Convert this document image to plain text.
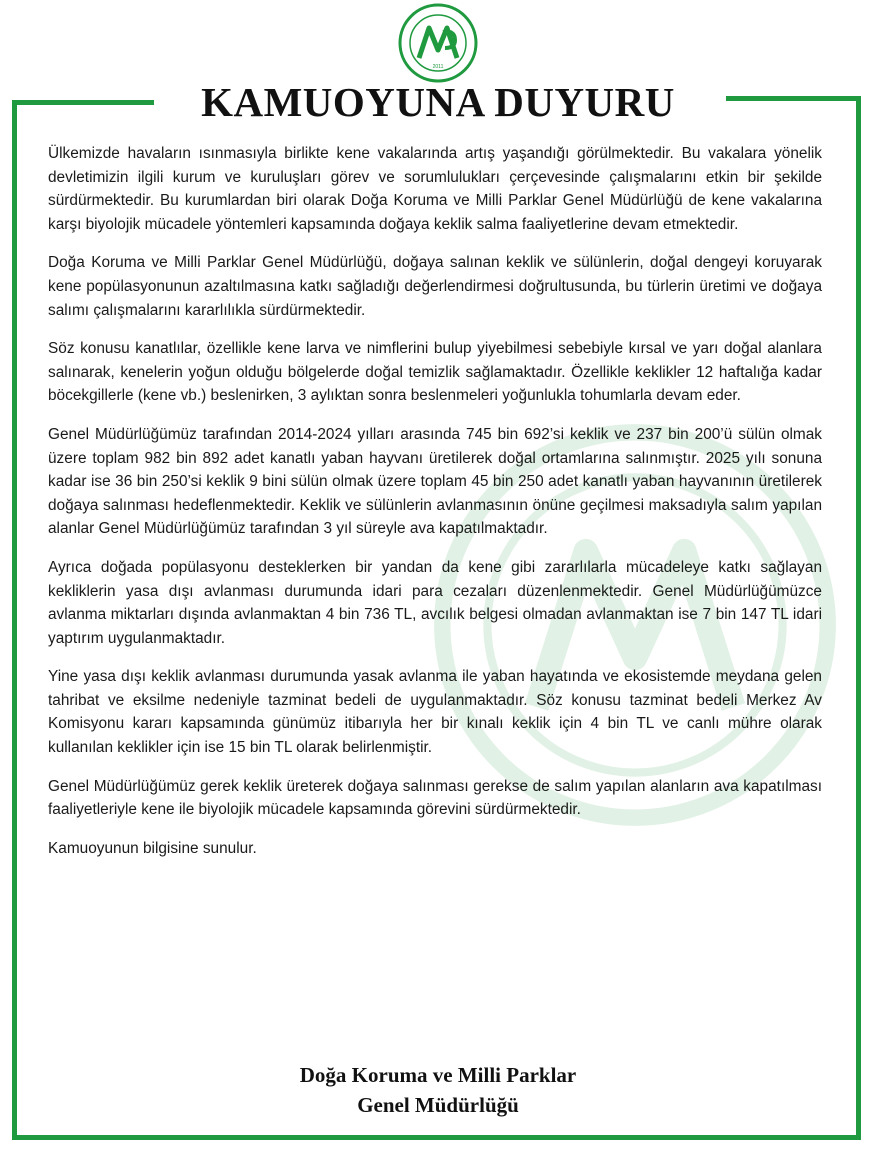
2011
KAMUOYUNA DUYURU

Ülkemizde havaların ısınmasıyla birlikte kene vakalarında artış yaşandığı görülmektedir. Bu vakalara yönelik devletimizin ilgili kurum ve kuruluşları görev ve sorumlulukları çerçevesinde çalışmalarını etkin bir şekilde sürdürmektedir. Bu kurumlardan biri olarak Doğa Koruma ve Milli Parklar Genel Müdürlüğü de kene vakalarına karşı biyolojik mücadele yöntemleri kapsamında doğaya keklik salma faaliyetlerine devam etmektedir.

Doğa Koruma ve Milli Parklar Genel Müdürlüğü, doğaya salınan keklik ve sülünlerin, doğal dengeyi koruyarak kene popülasyonunun azaltılmasına katkı sağladığı değerlendirmesi doğrultusunda, bu türlerin üretimi ve doğaya salımı çalışmalarını kararlılıkla sürdürmektedir.

Söz konusu kanatlılar, özellikle kene larva ve nimflerini bulup yiyebilmesi sebebiyle kırsal ve yarı doğal alanlara salınarak, kenelerin yoğun olduğu bölgelerde doğal temizlik sağlamaktadır. Özellikle keklikler 12 haftalığa kadar böcekgillerle (kene vb.) beslenirken, 3 aylıktan sonra beslenmeleri yoğunlukla tohumlarla devam eder.

Genel Müdürlüğümüz tarafından 2014-2024 yılları arasında 745 bin 692’si keklik ve 237 bin 200’ü sülün olmak üzere toplam 982 bin 892 adet kanatlı yaban hayvanı üretilerek doğal ortamlarına salınmıştır. 2025 yılı sonuna kadar ise 36 bin 250’si keklik 9 bini sülün olmak üzere toplam 45 bin 250 adet kanatlı yaban hayvanının üretilerek doğaya salınması hedeflenmektedir. Keklik ve sülünlerin avlanmasının önüne geçilmesi maksadıyla salım yapılan alanlar Genel Müdürlüğümüz tarafından 3 yıl süreyle ava kapatılmaktadır.

Ayrıca doğada popülasyonu desteklerken bir yandan da kene gibi zararlılarla mücadeleye katkı sağlayan kekliklerin yasa dışı avlanması durumunda idari para cezaları düzenlenmektedir. Genel Müdürlüğümüzce avlanma miktarları dışında avlanmaktan 4 bin 736 TL, avcılık belgesi olmadan avlanmaktan ise 7 bin 147 TL idari yaptırım uygulanmaktadır.

Yine yasa dışı keklik avlanması durumunda yasak avlanma ile yaban hayatında ve ekosistemde meydana gelen tahribat ve eksilme nedeniyle tazminat bedeli de uygulanmaktadır. Söz konusu tazminat bedeli Merkez Av Komisyonu kararı kapsamında günümüz itibarıyla her bir kınalı keklik için 4 bin TL ve canlı mühre olarak kullanılan keklikler için ise 15 bin TL olarak belirlenmiştir.

Genel Müdürlüğümüz gerek keklik üreterek doğaya salınması gerekse de salım yapılan alanların ava kapatılması faaliyetleriyle kene ile biyolojik mücadele kapsamında görevini sürdürmektedir.

Kamuoyunun bilgisine sunulur.

Doğa Koruma ve Milli Parklar
Genel Müdürlüğü
